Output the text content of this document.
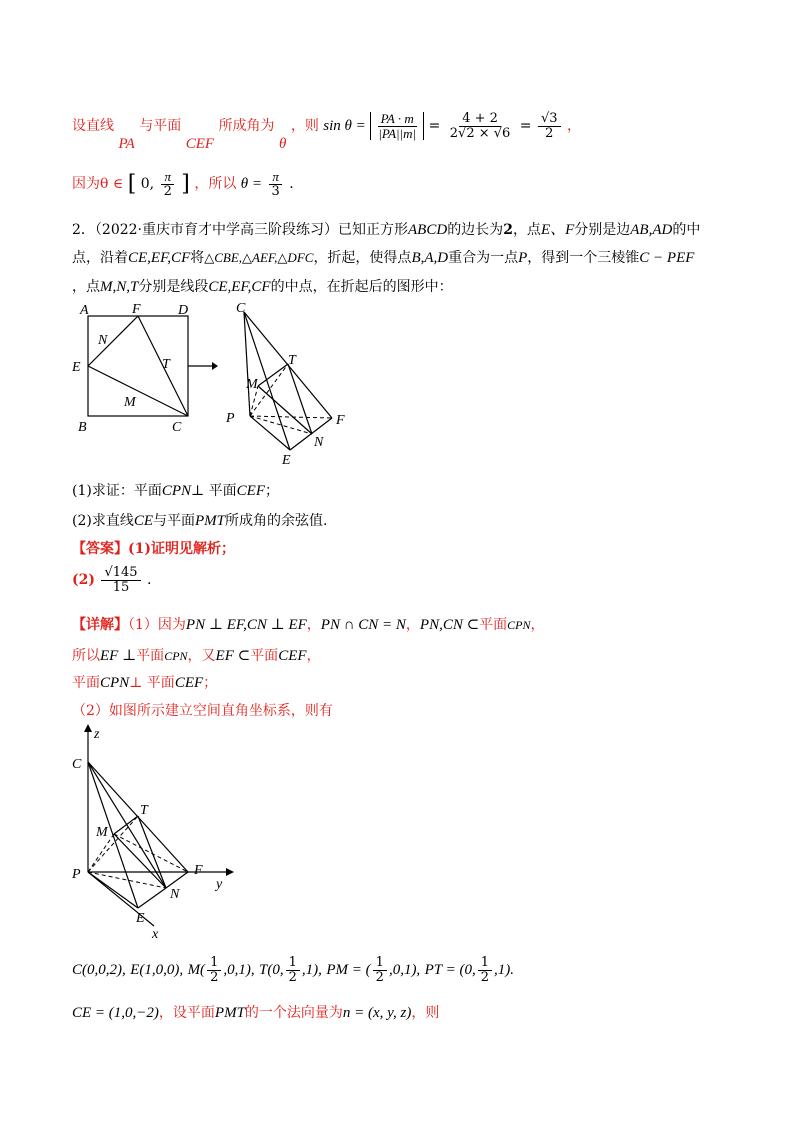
设直线 PA 与平面 CEF 所成角为 θ ，则 $\sin \theta = \frac{PA \cdot m}{|PA||m|} = \frac{4 + 2}{2√2 \times √6} = \frac{√3}{2}$ ，
因为θ ∈ [ 0, $\frac{\pi}{2}$ ] ，所以 $\theta = \frac{\pi}{3}$ .
2．（2022·重庆市育才中学高三阶段练习）已知正方形ABCD的边长为2，点E、F分别是边AB,AD的中
点，沿着CE,EF,CF将△CBE,△AEF,△DFC，折起，使得点B,A,D重合为一点P，得到一个三棱锥C − PEF
，点M,N,T分别是线段CE,EF,CF的中点，在折起后的图形中：
A	F	D
N
T
E
M
B	C
C
T
M
P	F
N
E
(1)求证：平面CPN⊥ 平面CEF；
(2)求直线CE与平面PMT所成角的余弦值.
【答案】(1)证明见解析；
$(2) \frac{√145}{15}$ .
【详解】（1）因为PN ⊥ EF,CN ⊥ EF，PN ∩ CN = N，PN,CN ⊂平面CPN，
所以EF ⊥平面CPN，又EF ⊂平面CEF，
平面CPN⊥ 平面CEF；
（2）如图所示建立空间直角坐标系，则有
z
C
T
M
P	F
y
N
E
x
C(0,0,2), E(1,0,0), $M( \frac{1}{2} ,0,1)$, T(0, $\frac{1}{2} ,1$), PM = ( $\frac{1}{2} ,0,1$), PT = (0, $\frac{1}{2} ,1$).
CE = (1,0,−2)，设平面PMT的一个法向量为n = (x, y, z)，则
